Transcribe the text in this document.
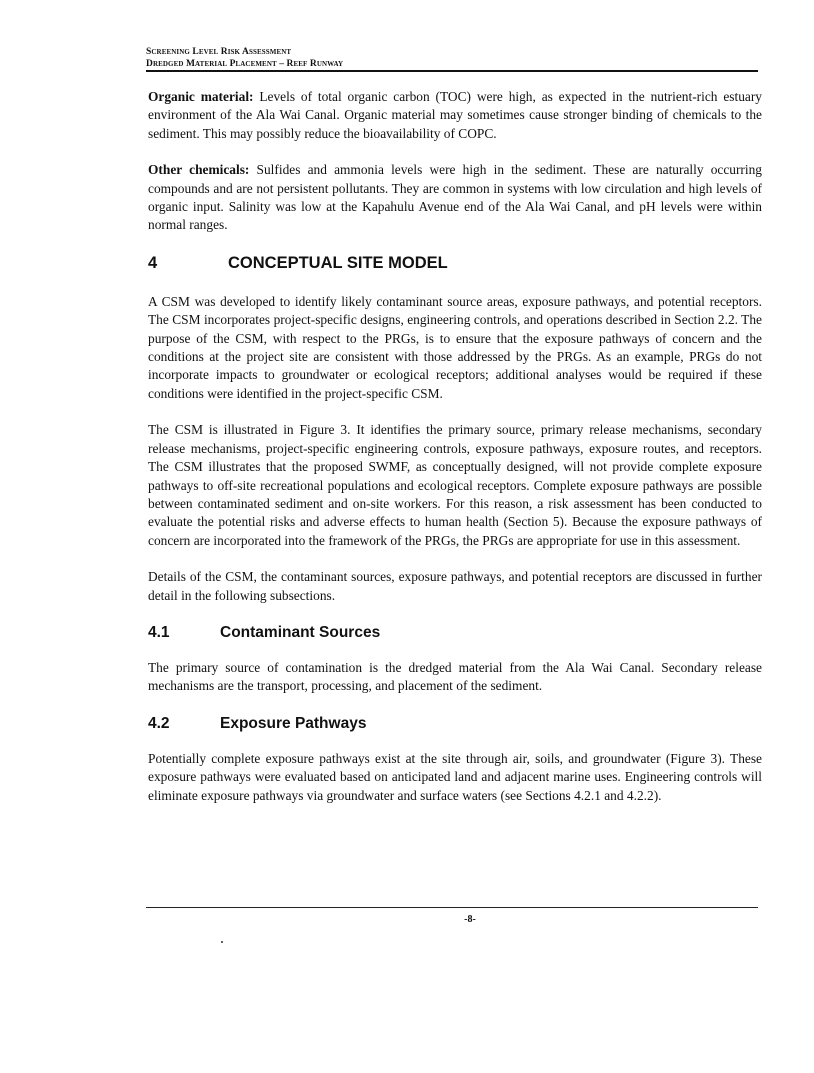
Screening Level Risk Assessment
Dredged Material Placement – Reef Runway

Organic material: Levels of total organic carbon (TOC) were high, as expected in the nutrient-rich estuary environment of the Ala Wai Canal. Organic material may sometimes cause stronger binding of chemicals to the sediment. This may possibly reduce the bioavailability of COPC.

Other chemicals: Sulfides and ammonia levels were high in the sediment. These are naturally occurring compounds and are not persistent pollutants. They are common in systems with low circulation and high levels of organic input. Salinity was low at the Kapahulu Avenue end of the Ala Wai Canal, and pH levels were within normal ranges.

4	CONCEPTUAL SITE MODEL

A CSM was developed to identify likely contaminant source areas, exposure pathways, and potential receptors. The CSM incorporates project-specific designs, engineering controls, and operations described in Section 2.2. The purpose of the CSM, with respect to the PRGs, is to ensure that the exposure pathways of concern and the conditions at the project site are consistent with those addressed by the PRGs. As an example, PRGs do not incorporate impacts to groundwater or ecological receptors; additional analyses would be required if these conditions were identified in the project-specific CSM.

The CSM is illustrated in Figure 3. It identifies the primary source, primary release mechanisms, secondary release mechanisms, project-specific engineering controls, exposure pathways, exposure routes, and receptors. The CSM illustrates that the proposed SWMF, as conceptually designed, will not provide complete exposure pathways to off-site recreational populations and ecological receptors. Complete exposure pathways are possible between contaminated sediment and on-site workers. For this reason, a risk assessment has been conducted to evaluate the potential risks and adverse effects to human health (Section 5). Because the exposure pathways of concern are incorporated into the framework of the PRGs, the PRGs are appropriate for use in this assessment.

Details of the CSM, the contaminant sources, exposure pathways, and potential receptors are discussed in further detail in the following subsections.

4.1	Contaminant Sources

The primary source of contamination is the dredged material from the Ala Wai Canal. Secondary release mechanisms are the transport, processing, and placement of the sediment.

4.2	Exposure Pathways

Potentially complete exposure pathways exist at the site through air, soils, and groundwater (Figure 3). These exposure pathways were evaluated based on anticipated land and adjacent marine uses. Engineering controls will eliminate exposure pathways via groundwater and surface waters (see Sections 4.2.1 and 4.2.2).

-8-
